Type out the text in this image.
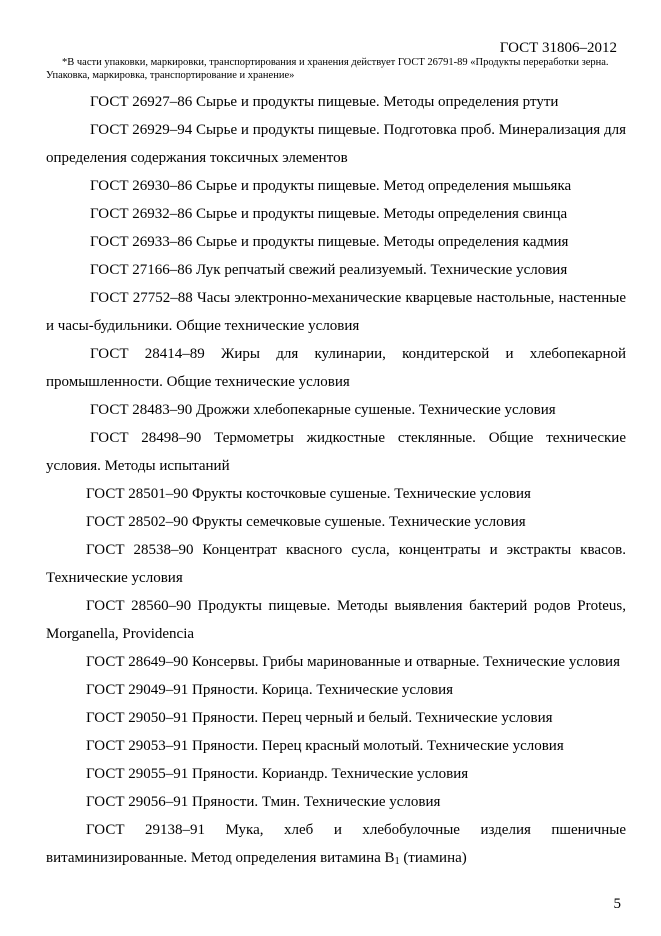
ГОСТ 31806–2012
*В части упаковки, маркировки, транспортирования и хранения действует ГОСТ 26791-89 «Продукты переработки зерна. Упаковка, маркировка, транспортирование и хранение»

ГОСТ 26927–86 Сырье и продукты пищевые. Методы определения ртути

ГОСТ 26929–94 Сырье и продукты пищевые. Подготовка проб. Минерализация для определения содержания токсичных элементов

ГОСТ 26930–86 Сырье и продукты пищевые. Метод определения мышьяка

ГОСТ 26932–86 Сырье и продукты пищевые. Методы определения свинца

ГОСТ 26933–86 Сырье и продукты пищевые. Методы определения кадмия

ГОСТ 27166–86 Лук репчатый свежий реализуемый. Технические условия

ГОСТ 27752–88 Часы электронно-механические кварцевые настольные, настенные и часы-будильники. Общие технические условия

ГОСТ 28414–89 Жиры для кулинарии, кондитерской и хлебопекарной промышленности. Общие технические условия

ГОСТ 28483–90 Дрожжи хлебопекарные сушеные. Технические условия

ГОСТ 28498–90 Термометры жидкостные стеклянные. Общие технические условия. Методы испытаний

ГОСТ 28501–90 Фрукты косточковые сушеные. Технические условия

ГОСТ 28502–90 Фрукты семечковые сушеные. Технические условия

ГОСТ 28538–90 Концентрат квасного сусла, концентраты и экстракты квасов. Технические условия

ГОСТ 28560–90 Продукты пищевые. Методы выявления бактерий родов Proteus, Morganella, Providencia

ГОСТ 28649–90 Консервы. Грибы маринованные и отварные. Технические условия

ГОСТ 29049–91 Пряности. Корица. Технические условия

ГОСТ 29050–91 Пряности. Перец черный и белый. Технические условия

ГОСТ 29053–91 Пряности. Перец красный молотый. Технические условия

ГОСТ 29055–91 Пряности. Кориандр. Технические условия

ГОСТ 29056–91 Пряности. Тмин. Технические условия

ГОСТ 29138–91 Мука, хлеб и хлебобулочные изделия пшеничные витаминизированные. Метод определения витамина $B_1$ (тиамина)

5
